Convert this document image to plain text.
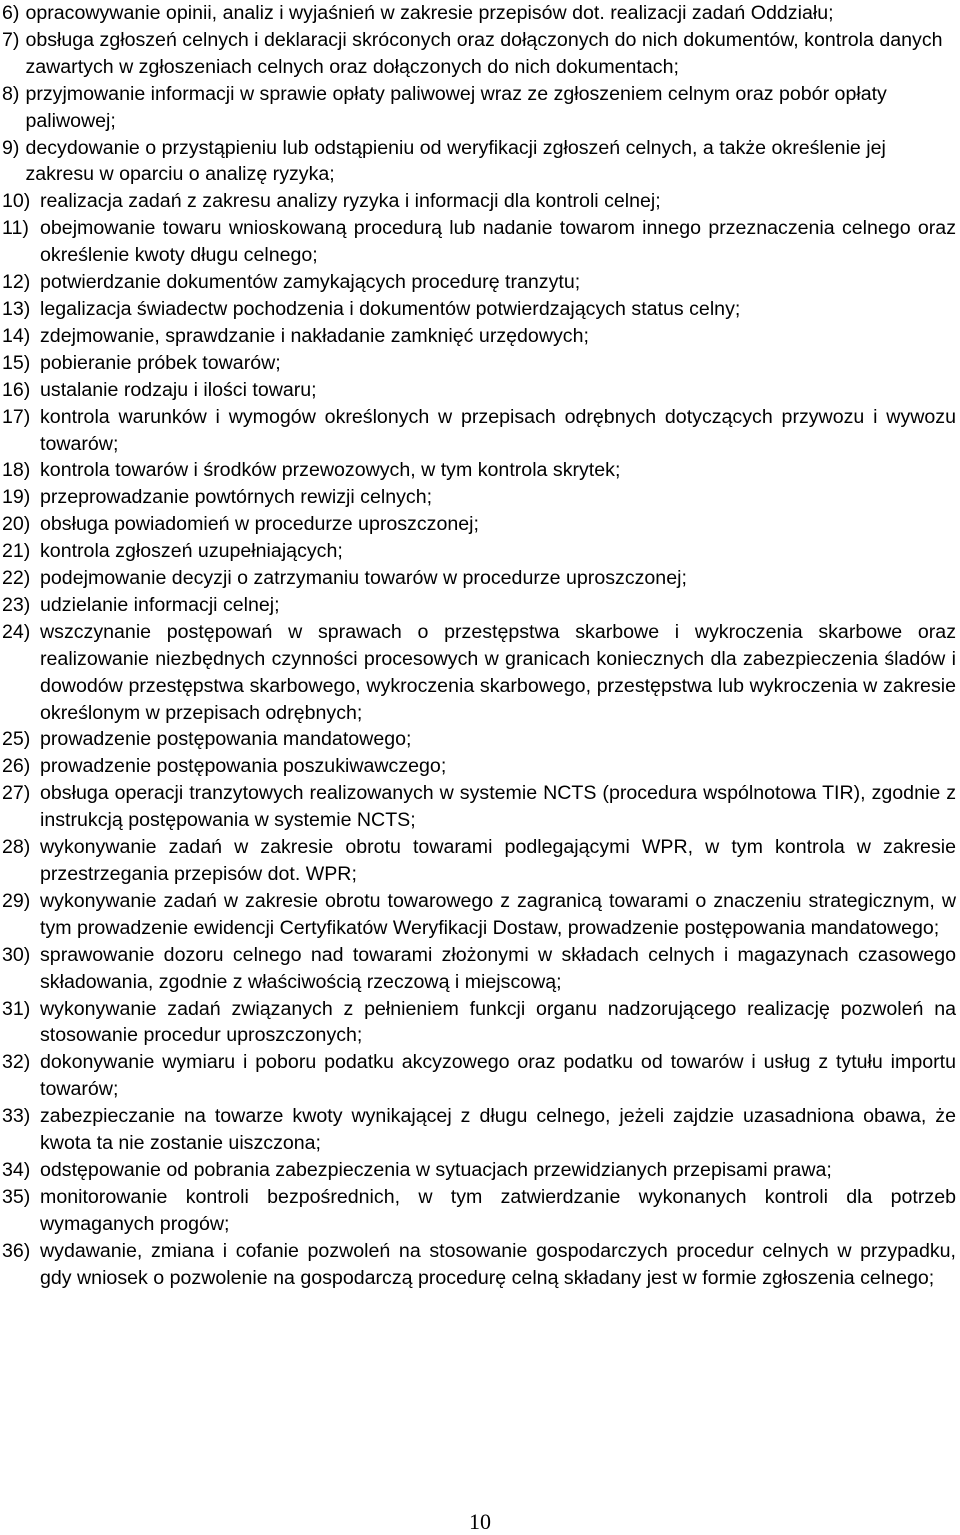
6) opracowywanie opinii, analiz i wyjaśnień w zakresie przepisów dot. realizacji zadań Oddziału;
7) obsługa zgłoszeń celnych i deklaracji skróconych oraz dołączonych do nich dokumentów, kontrola danych zawartych w zgłoszeniach celnych oraz dołączonych do nich dokumentach;
8) przyjmowanie informacji w sprawie opłaty paliwowej wraz ze zgłoszeniem celnym oraz pobór opłaty paliwowej;
9) decydowanie o przystąpieniu lub odstąpieniu od weryfikacji zgłoszeń celnych, a także określenie jej zakresu w oparciu o analizę ryzyka;
10) realizacja zadań z zakresu analizy ryzyka i informacji dla kontroli celnej;
11) obejmowanie towaru wnioskowaną procedurą lub nadanie towarom innego przeznaczenia celnego oraz określenie kwoty długu celnego;
12) potwierdzanie dokumentów zamykających procedurę tranzytu;
13) legalizacja świadectw pochodzenia i dokumentów potwierdzających status celny;
14) zdejmowanie, sprawdzanie i nakładanie zamknięć urzędowych;
15) pobieranie próbek towarów;
16) ustalanie rodzaju i ilości towaru;
17) kontrola warunków i wymogów określonych w przepisach odrębnych dotyczących przywozu i wywozu towarów;
18) kontrola towarów i środków przewozowych, w tym kontrola skrytek;
19) przeprowadzanie powtórnych rewizji celnych;
20) obsługa powiadomień w procedurze uproszczonej;
21) kontrola zgłoszeń uzupełniających;
22) podejmowanie decyzji o zatrzymaniu towarów w procedurze uproszczonej;
23) udzielanie informacji celnej;
24) wszczynanie postępowań w sprawach o przestępstwa skarbowe i wykroczenia skarbowe oraz realizowanie niezbędnych czynności procesowych w granicach koniecznych dla zabezpieczenia śladów i dowodów przestępstwa skarbowego, wykroczenia skarbowego, przestępstwa lub wykroczenia w zakresie określonym w przepisach odrębnych;
25) prowadzenie postępowania mandatowego;
26) prowadzenie postępowania poszukiwawczego;
27) obsługa operacji tranzytowych realizowanych w systemie NCTS (procedura wspólnotowa TIR), zgodnie z instrukcją postępowania w systemie NCTS;
28) wykonywanie zadań w zakresie obrotu towarami podlegającymi WPR, w tym kontrola w zakresie przestrzegania przepisów dot. WPR;
29) wykonywanie zadań w zakresie obrotu towarowego z zagranicą towarami o znaczeniu strategicznym, w tym prowadzenie ewidencji Certyfikatów Weryfikacji Dostaw, prowadzenie postępowania mandatowego;
30) sprawowanie dozoru celnego nad towarami złożonymi w składach celnych i magazynach czasowego składowania, zgodnie z właściwością rzeczową i miejscową;
31) wykonywanie zadań związanych z pełnieniem funkcji organu nadzorującego realizację pozwoleń na stosowanie procedur uproszczonych;
32) dokonywanie wymiaru i poboru podatku akcyzowego oraz podatku od towarów i usług z tytułu importu towarów;
33) zabezpieczanie na towarze kwoty wynikającej z długu celnego, jeżeli zajdzie uzasadniona obawa, że kwota ta nie zostanie uiszczona;
34) odstępowanie od pobrania zabezpieczenia w sytuacjach przewidzianych przepisami prawa;
35) monitorowanie kontroli bezpośrednich, w tym zatwierdzanie wykonanych kontroli dla potrzeb wymaganych progów;
36) wydawanie, zmiana i cofanie pozwoleń na stosowanie gospodarczych procedur celnych w przypadku, gdy wniosek o pozwolenie na gospodarczą procedurę celną składany jest w formie zgłoszenia celnego;
10
